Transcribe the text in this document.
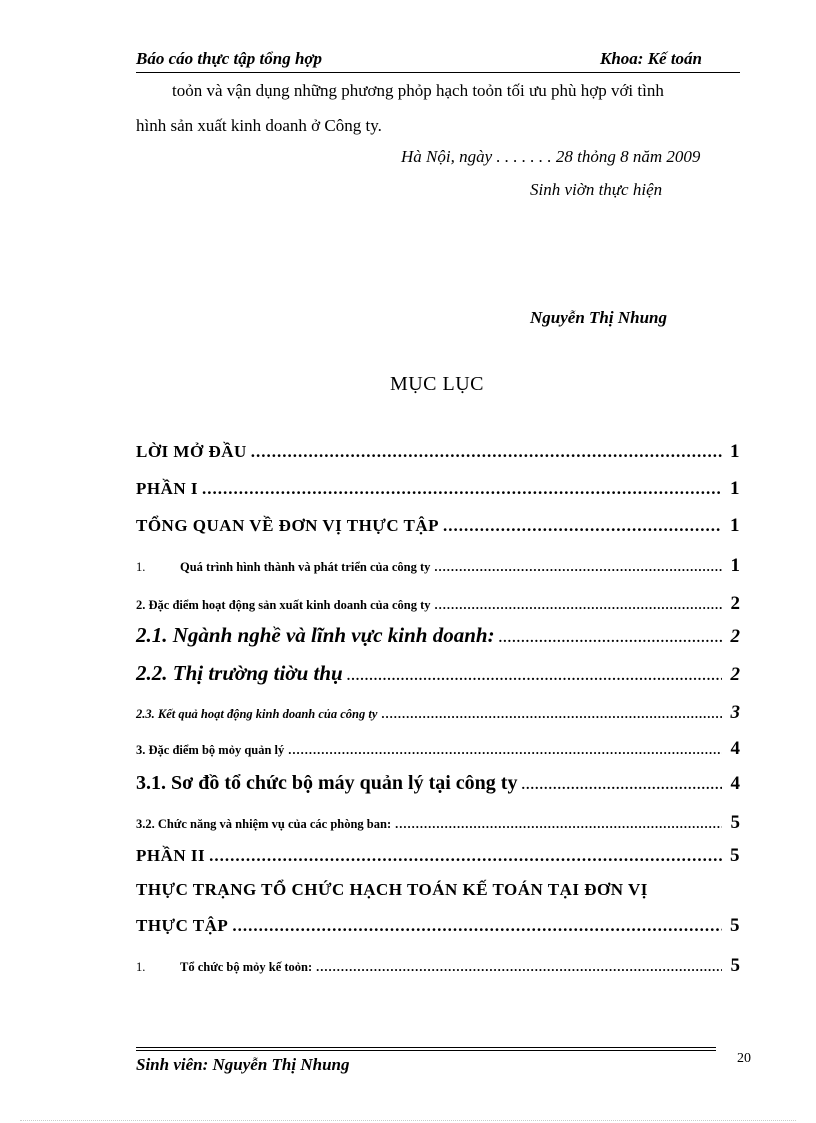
Báo cáo thực tập tổng hợp	Khoa: Kế toán
toỏn và vận dụng những phương phỏp hạch toỏn tối ưu phù hợp với tình
hình sản xuất kinh doanh ở Công ty.
Hà Nội, ngày . . . . . . . 28 thỏng 8 năm 2009
Sinh viờn thực hiện
Nguyễn Thị Nhung
MỤC LỤC
LỜI MỞ ĐẦU .....	1
PHẦN I .....	1
TỔNG QUAN VỀ ĐƠN VỊ THỰC TẬP .....	1
1.	Quá trình hình thành và phát triển của công ty .....	1
2. Đặc điểm hoạt động sản xuất kinh doanh của công ty .....	2
2.1. Ngành nghề và lĩnh vực kinh doanh: .....	2
2.2. Thị trường tiờu thụ .....	2
2.3. Kết quả hoạt động kinh doanh của công ty .....	3
3. Đặc điểm bộ mỏy quản lý .....	4
3.1. Sơ đồ tổ chức bộ máy quản lý tại công ty .....	4
3.2. Chức năng và nhiệm vụ của các phòng ban: .....	5
PHẦN II .....	5
THỰC TRẠNG TỔ CHỨC HẠCH TOÁN KẾ TOÁN TẠI ĐƠN VỊ
THỰC TẬP .....	5
1.	Tổ chức bộ mỏy kế toỏn: .....	5
Sinh viên: Nguyễn Thị Nhung	20
